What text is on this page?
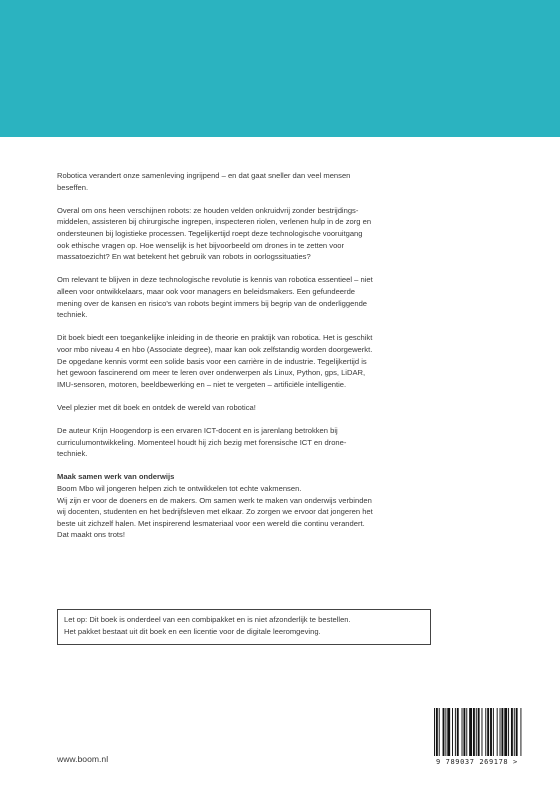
Robotica verandert onze samenleving ingrijpend – en dat gaat sneller dan veel mensen
beseffen.

Overal om ons heen verschijnen robots: ze houden velden onkruidvrij zonder bestrijdings-
middelen, assisteren bij chirurgische ingrepen, inspecteren riolen, verlenen hulp in de zorg en
ondersteunen bij logistieke processen. Tegelijkertijd roept deze technologische vooruitgang
ook ethische vragen op. Hoe wenselijk is het bijvoorbeeld om drones in te zetten voor
massatoezicht? En wat betekent het gebruik van robots in oorlogssituaties?

Om relevant te blijven in deze technologische revolutie is kennis van robotica essentieel – niet
alleen voor ontwikkelaars, maar ook voor managers en beleidsmakers. Een gefundeerde
mening over de kansen en risico's van robots begint immers bij begrip van de onderliggende
techniek.

Dit boek biedt een toegankelijke inleiding in de theorie en praktijk van robotica. Het is geschikt
voor mbo niveau 4 en hbo (Associate degree), maar kan ook zelfstandig worden doorgewerkt.
De opgedane kennis vormt een solide basis voor een carrière in de industrie. Tegelijkertijd is
het gewoon fascinerend om meer te leren over onderwerpen als Linux, Python, gps, LiDAR,
IMU-sensoren, motoren, beeldbewerking en – niet te vergeten – artificiële intelligentie.

Veel plezier met dit boek en ontdek de wereld van robotica!

De auteur Krijn Hoogendorp is een ervaren ICT-docent en is jarenlang betrokken bij
curriculumontwikkeling. Momenteel houdt hij zich bezig met forensische ICT en drone-
techniek.

Maak samen werk van onderwijs
Boom Mbo wil jongeren helpen zich te ontwikkelen tot echte vakmensen.
Wij zijn er voor de doeners en de makers. Om samen werk te maken van onderwijs verbinden
wij docenten, studenten en het bedrijfsleven met elkaar. Zo zorgen we ervoor dat jongeren het
beste uit zichzelf halen. Met inspirerend lesmateriaal voor een wereld die continu verandert.
Dat maakt ons trots!

Let op: Dit boek is onderdeel van een combipakket en is niet afzonderlijk te bestellen.
Het pakket bestaat uit dit boek en een licentie voor de digitale leeromgeving.
www.boom.nl	9 789037 269178 >
